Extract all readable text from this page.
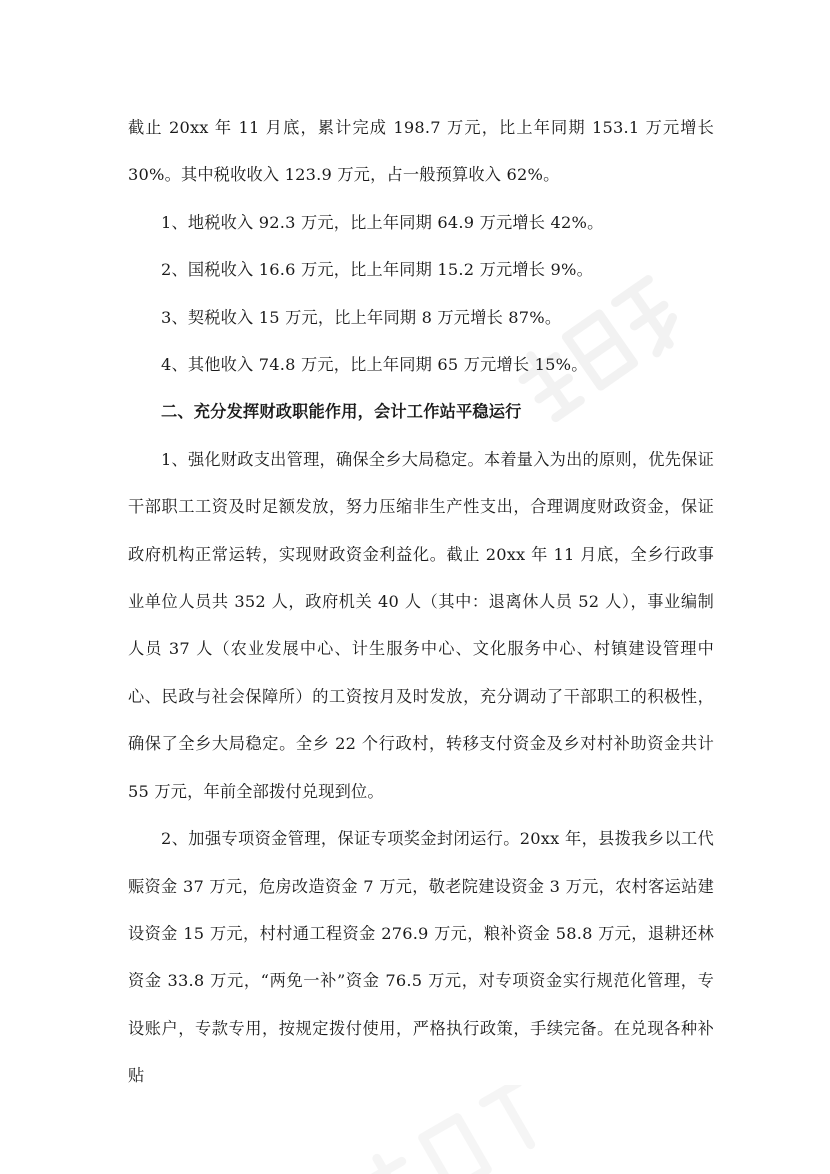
截止 20xx 年 11 月底，累计完成 198.7 万元，比上年同期 153.1 万元增长 30%。其中税收收入 123.9 万元，占一般预算收入 62%。

1、地税收入 92.3 万元，比上年同期 64.9 万元增长 42%。

2、国税收入 16.6 万元，比上年同期 15.2 万元增长 9%。

3、契税收入 15 万元，比上年同期 8 万元增长 87%。

4、其他收入 74.8 万元，比上年同期 65 万元增长 15%。

二、充分发挥财政职能作用，会计工作站平稳运行

1、强化财政支出管理，确保全乡大局稳定。本着量入为出的原则，优先保证干部职工工资及时足额发放，努力压缩非生产性支出，合理调度财政资金，保证政府机构正常运转，实现财政资金利益化。截止 20xx 年 11 月底，全乡行政事业单位人员共 352 人，政府机关 40 人（其中：退离休人员 52 人），事业编制人员 37 人（农业发展中心、计生服务中心、文化服务中心、村镇建设管理中心、民政与社会保障所）的工资按月及时发放，充分调动了干部职工的积极性，确保了全乡大局稳定。全乡 22 个行政村，转移支付资金及乡对村补助资金共计 55 万元，年前全部拨付兑现到位。

2、加强专项资金管理，保证专项奖金封闭运行。20xx 年，县拨我乡以工代赈资金 37 万元，危房改造资金 7 万元，敬老院建设资金 3 万元，农村客运站建设资金 15 万元，村村通工程资金 276.9 万元，粮补资金 58.8 万元，退耕还林资金 33.8 万元，“两免一补”资金 76.5 万元，对专项资金实行规范化管理，专设账户，专款专用，按规定拨付使用，严格执行政策，手续完备。在兑现各种补贴
